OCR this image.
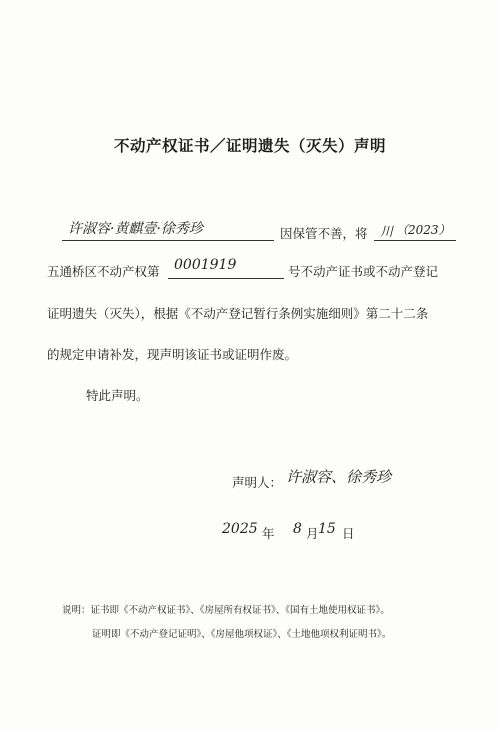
不动产权证书／证明遗失（灭失）声明
许淑容·黄麒壹·徐秀珍	因保管不善，将 川 （2023）
五通桥区不动产权第 0001919	号不动产证书或不动产登记
证明遗失（灭失），根据《不动产登记暂行条例实施细则》第二十二条
的规定申请补发，现声明该证书或证明作废。
特此声明。
声明人： 许淑容、徐秀珍
2025 年 8 月 15 日
说明：证书即《不动产权证书》、《房屋所有权证书》、《国有土地使用权证书》。
证明即《不动产登记证明》、《房屋他项权证》、《土地他项权利证明书》。
